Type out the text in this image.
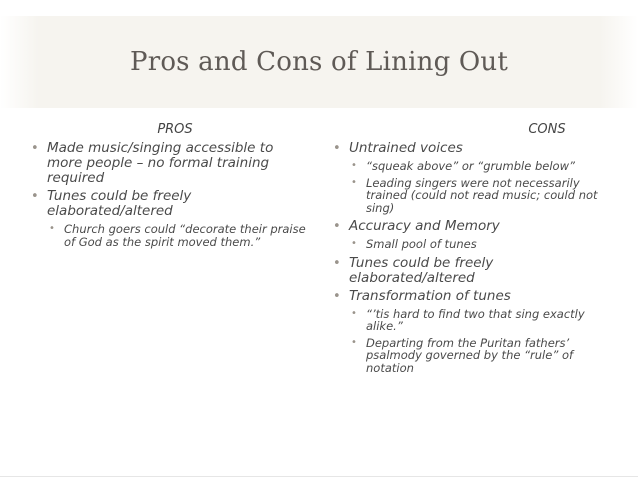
Pros and Cons of Lining Out
PROS
• Made music/singing accessible to more people – no formal training required
• Tunes could be freely elaborated/altered
• Church goers could “decorate their praise of God as the spirit moved them.”
CONS
• Untrained voices
• “squeak above” or “grumble below”
• Leading singers were not necessarily trained (could not read music; could not sing)
• Accuracy and Memory
• Small pool of tunes
• Tunes could be freely elaborated/altered
• Transformation of tunes
• “’tis hard to find two that sing exactly alike.”
• Departing from the Puritan fathers’ psalmody governed by the “rule” of notation
